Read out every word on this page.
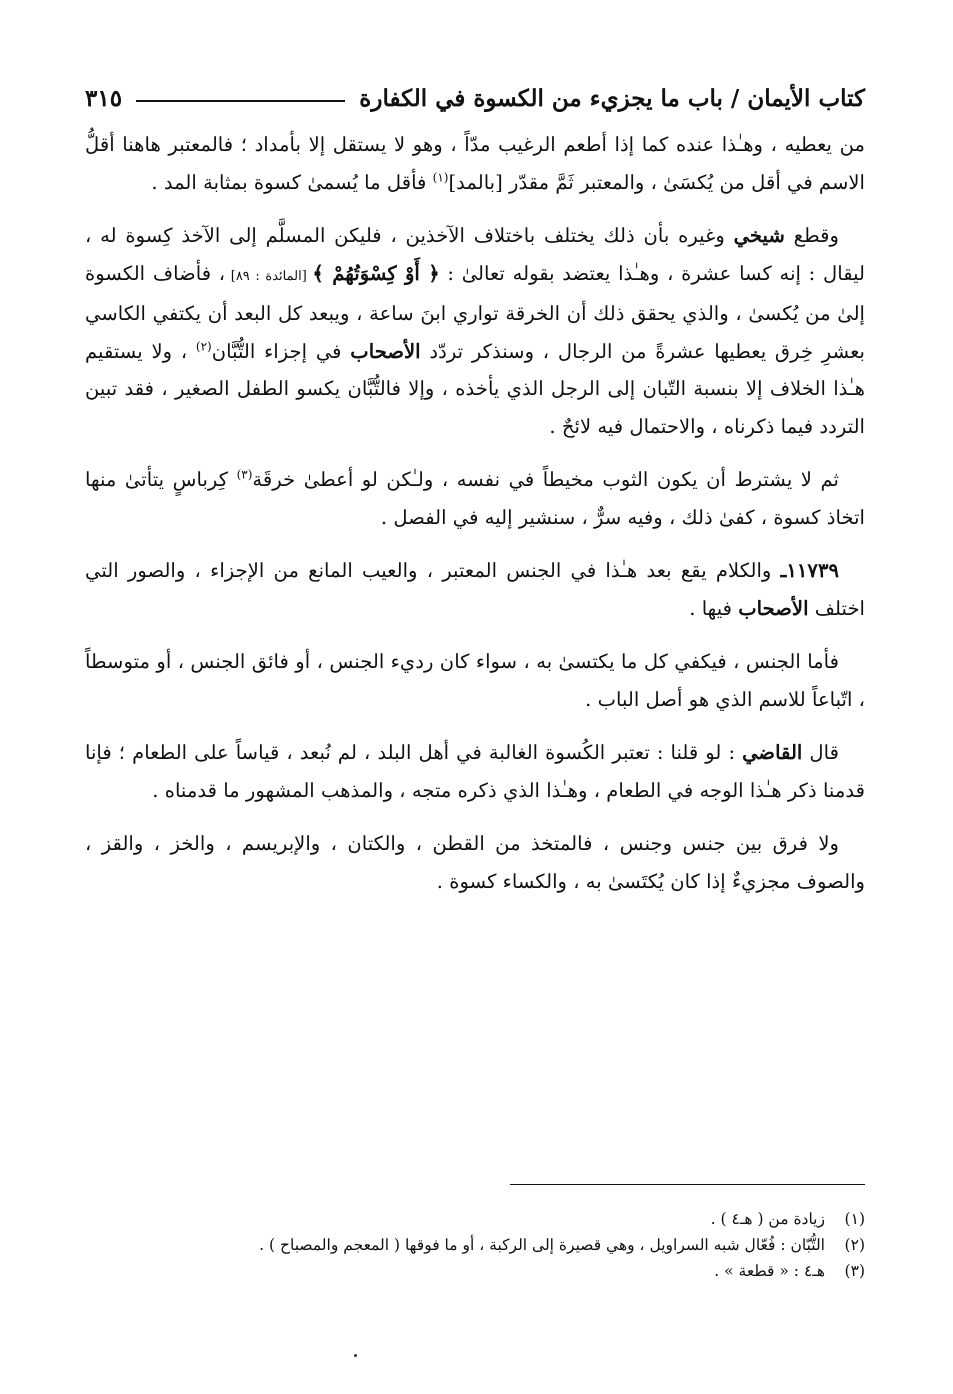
كتاب الأيمان / باب ما يجزيء من الكسوة في الكفارة
٣١٥

من يعطيه ، وهـٰذا عنده كما إذا أطعم الرغيب مدّاً ، وهو لا يستقل إلا بأمداد ؛ فالمعتبر هاهنا أقلُّ الاسم في أقل من يُكسَىٰ ، والمعتبر ثَمَّ مقدّر [بالمد]$^{(١)}$ فأقل ما يُسمىٰ كسوة بمثابة المد .

وقطع شيخي وغيره بأن ذلك يختلف باختلاف الآخذين ، فليكن المسلَّم إلى الآخذ كِسوة له ، ليقال : إنه كسا عشرة ، وهـٰذا يعتضد بقوله تعالىٰ : ﴿ أَوْ كِسْوَتُهُمْ ﴾ [المائدة : ٨٩] ، فأضاف الكسوة إلىٰ من يُكسىٰ ، والذي يحقق ذلك أن الخرقة تواري ابنَ ساعة ، ويبعد كل البعد أن يكتفي الكاسي بعشرِ خِرق يعطيها عشرةً من الرجال ، وسنذكر تردّد الأصحاب في إجزاء التُّبَّان$^{(٢)}$ ، ولا يستقيم هـٰذا الخلاف إلا بنسبة التّبان إلى الرجل الذي يأخذه ، وإلا فالتُّبَّان يكسو الطفل الصغير ، فقد تبين التردد فيما ذكرناه ، والاحتمال فيه لائحٌ .

ثم لا يشترط أن يكون الثوب مخيطاً في نفسه ، ولـٰكن لو أعطىٰ خرقَة$^{(٣)}$ كِرباسٍ يتأتىٰ منها اتخاذ كسوة ، كفىٰ ذلك ، وفيه سرٌّ ، سنشير إليه في الفصل .

١١٧٣٩ـ والكلام يقع بعد هـٰذا في الجنس المعتبر ، والعيب المانع من الإجزاء ، والصور التي اختلف الأصحاب فيها .

فأما الجنس ، فيكفي كل ما يكتسىٰ به ، سواء كان رديء الجنس ، أو فائق الجنس ، أو متوسطاً ، اتّباعاً للاسم الذي هو أصل الباب .

قال القاضي : لو قلنا : تعتبر الكُسوة الغالبة في أهل البلد ، لم نُبعد ، قياساً على الطعام ؛ فإنا قدمنا ذكر هـٰذا الوجه في الطعام ، وهـٰذا الذي ذكره متجه ، والمذهب المشهور ما قدمناه .

ولا فرق بين جنس وجنس ، فالمتخذ من القطن ، والكتان ، والإبريسم ، والخز ، والقز ، والصوف مجزيءٌ إذا كان يُكتَسىٰ به ، والكساء كسوة .

(١)
زيادة من ( هـ٤ ) .
(٢)
التُّبّان : فُعّال شبه السراويل ، وهي قصيرة إلى الركبة ، أو ما فوقها ( المعجم والمصباح ) .
(٣)
هـ٤ : « قطعة » .
